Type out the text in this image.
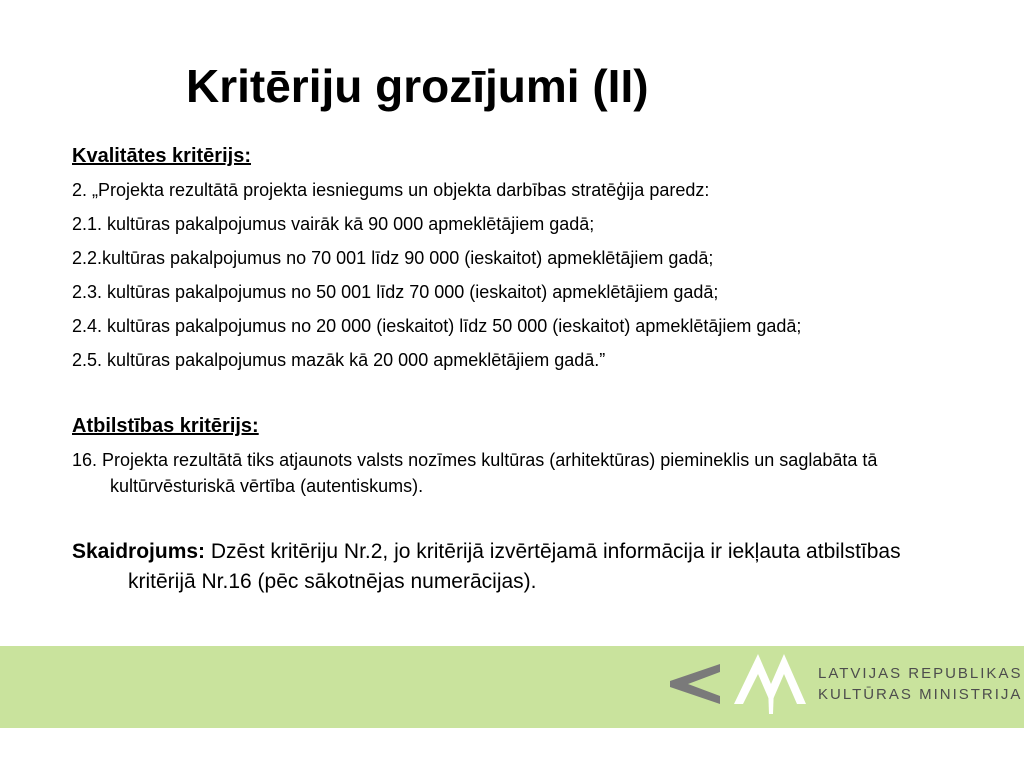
Kritēriju grozījumi (II)

Kvalitātes kritērijs:

2. „Projekta rezultātā projekta iesniegums un objekta darbības stratēģija paredz:

2.1. kultūras pakalpojumus vairāk kā 90 000 apmeklētājiem gadā;

2.2.kultūras pakalpojumus no 70 001 līdz 90 000 (ieskaitot) apmeklētājiem gadā;

2.3. kultūras pakalpojumus no 50 001 līdz 70 000 (ieskaitot) apmeklētājiem gadā;

2.4. kultūras pakalpojumus no 20 000 (ieskaitot) līdz 50 000 (ieskaitot) apmeklētājiem gadā;

2.5. kultūras pakalpojumus mazāk kā 20 000 apmeklētājiem gadā.”

Atbilstības kritērijs:

16. Projekta rezultātā tiks atjaunots valsts nozīmes kultūras (arhitektūras) piemineklis un saglabāta tā kultūrvēsturiskā vērtība (autentiskums).

Skaidrojums: Dzēst kritēriju Nr.2, jo kritērijā izvērtējamā informācija ir iekļauta atbilstības kritērijā Nr.16 (pēc sākotnējas numerācijas).

LATVIJAS REPUBLIKAS
KULTŪRAS MINISTRIJA
